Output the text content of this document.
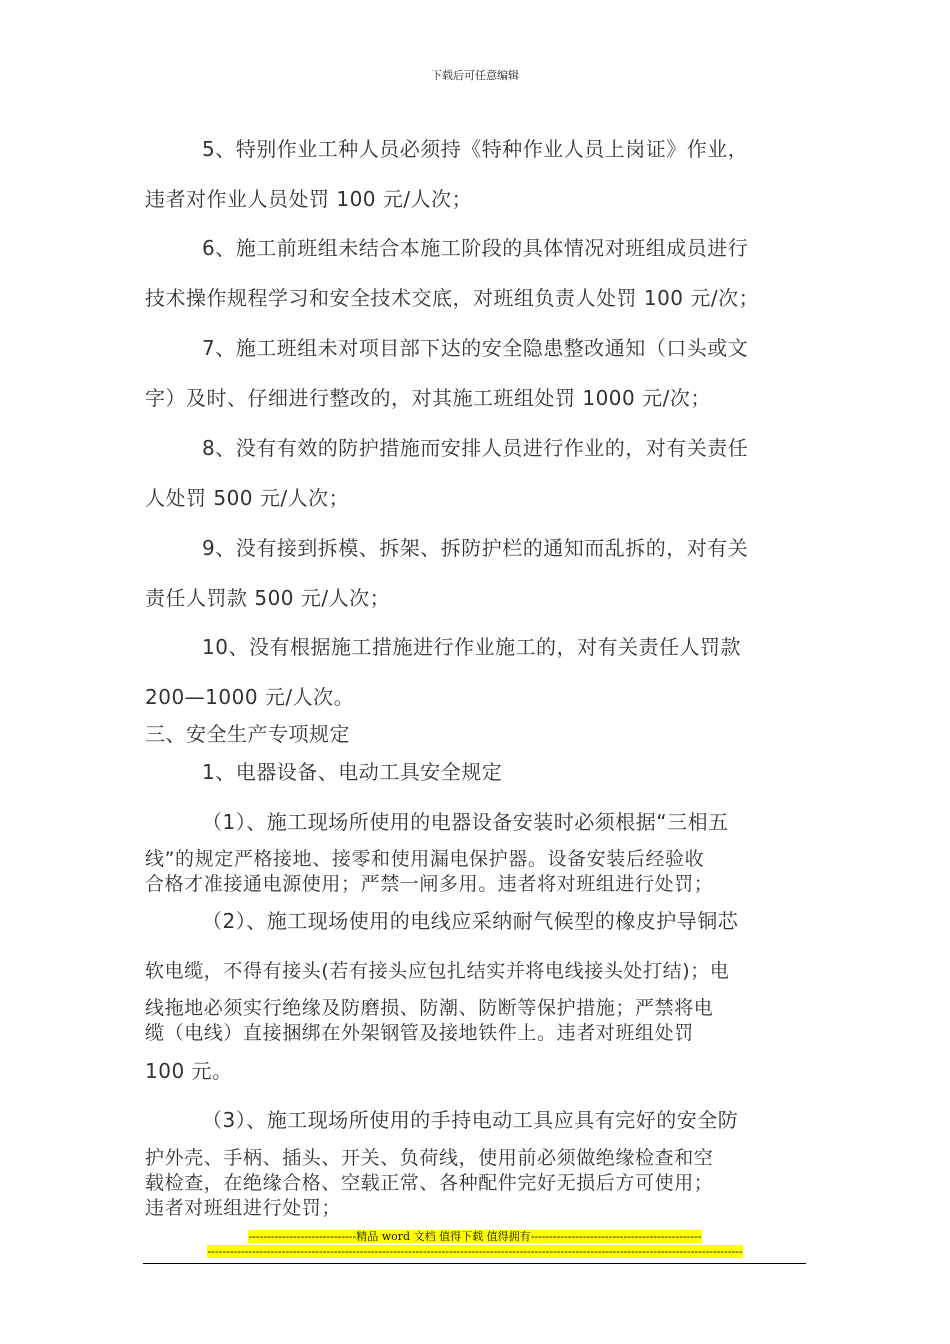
下载后可任意编辑
5、特别作业工种人员必须持《特种作业人员上岗证》作业，
违者对作业人员处罚 100 元/人次；
6、施工前班组未结合本施工阶段的具体情况对班组成员进行
技术操作规程学习和安全技术交底，对班组负责人处罚 100 元/次；
7、施工班组未对项目部下达的安全隐患整改通知（口头或文
字）及时、仔细进行整改的，对其施工班组处罚 1000 元/次；
8、没有有效的防护措施而安排人员进行作业的，对有关责任
人处罚 500 元/人次；
9、没有接到拆模、拆架、拆防护栏的通知而乱拆的，对有关
责任人罚款 500 元/人次；
10、没有根据施工措施进行作业施工的，对有关责任人罚款
200—1000 元/人次。
三、安全生产专项规定
1、电器设备、电动工具安全规定
（1）、施工现场所使用的电器设备安装时必须根据“三相五
线”的规定严格接地、接零和使用漏电保护器。设备安装后经验收
合格才准接通电源使用；严禁一闸多用。违者将对班组进行处罚；
（2）、施工现场使用的电线应采纳耐气候型的橡皮护导铜芯
软电缆，不得有接头(若有接头应包扎结实并将电线接头处打结)；电
线拖地必须实行绝缘及防磨损、防潮、防断等保护措施；严禁将电
缆（电线）直接捆绑在外架钢管及接地铁件上。违者对班组处罚
100 元。
（3）、施工现场所使用的手持电动工具应具有完好的安全防
护外壳、手柄、插头、开关、负荷线，使用前必须做绝缘检查和空
载检查，在绝缘合格、空载正常、各种配件完好无损后方可使用；
违者对班组进行处罚；
-----------------------------精品 word 文档 值得下载 值得拥有----------------------------------------------
------------------------------------------------------------------------------------------------------------------------------------------------
